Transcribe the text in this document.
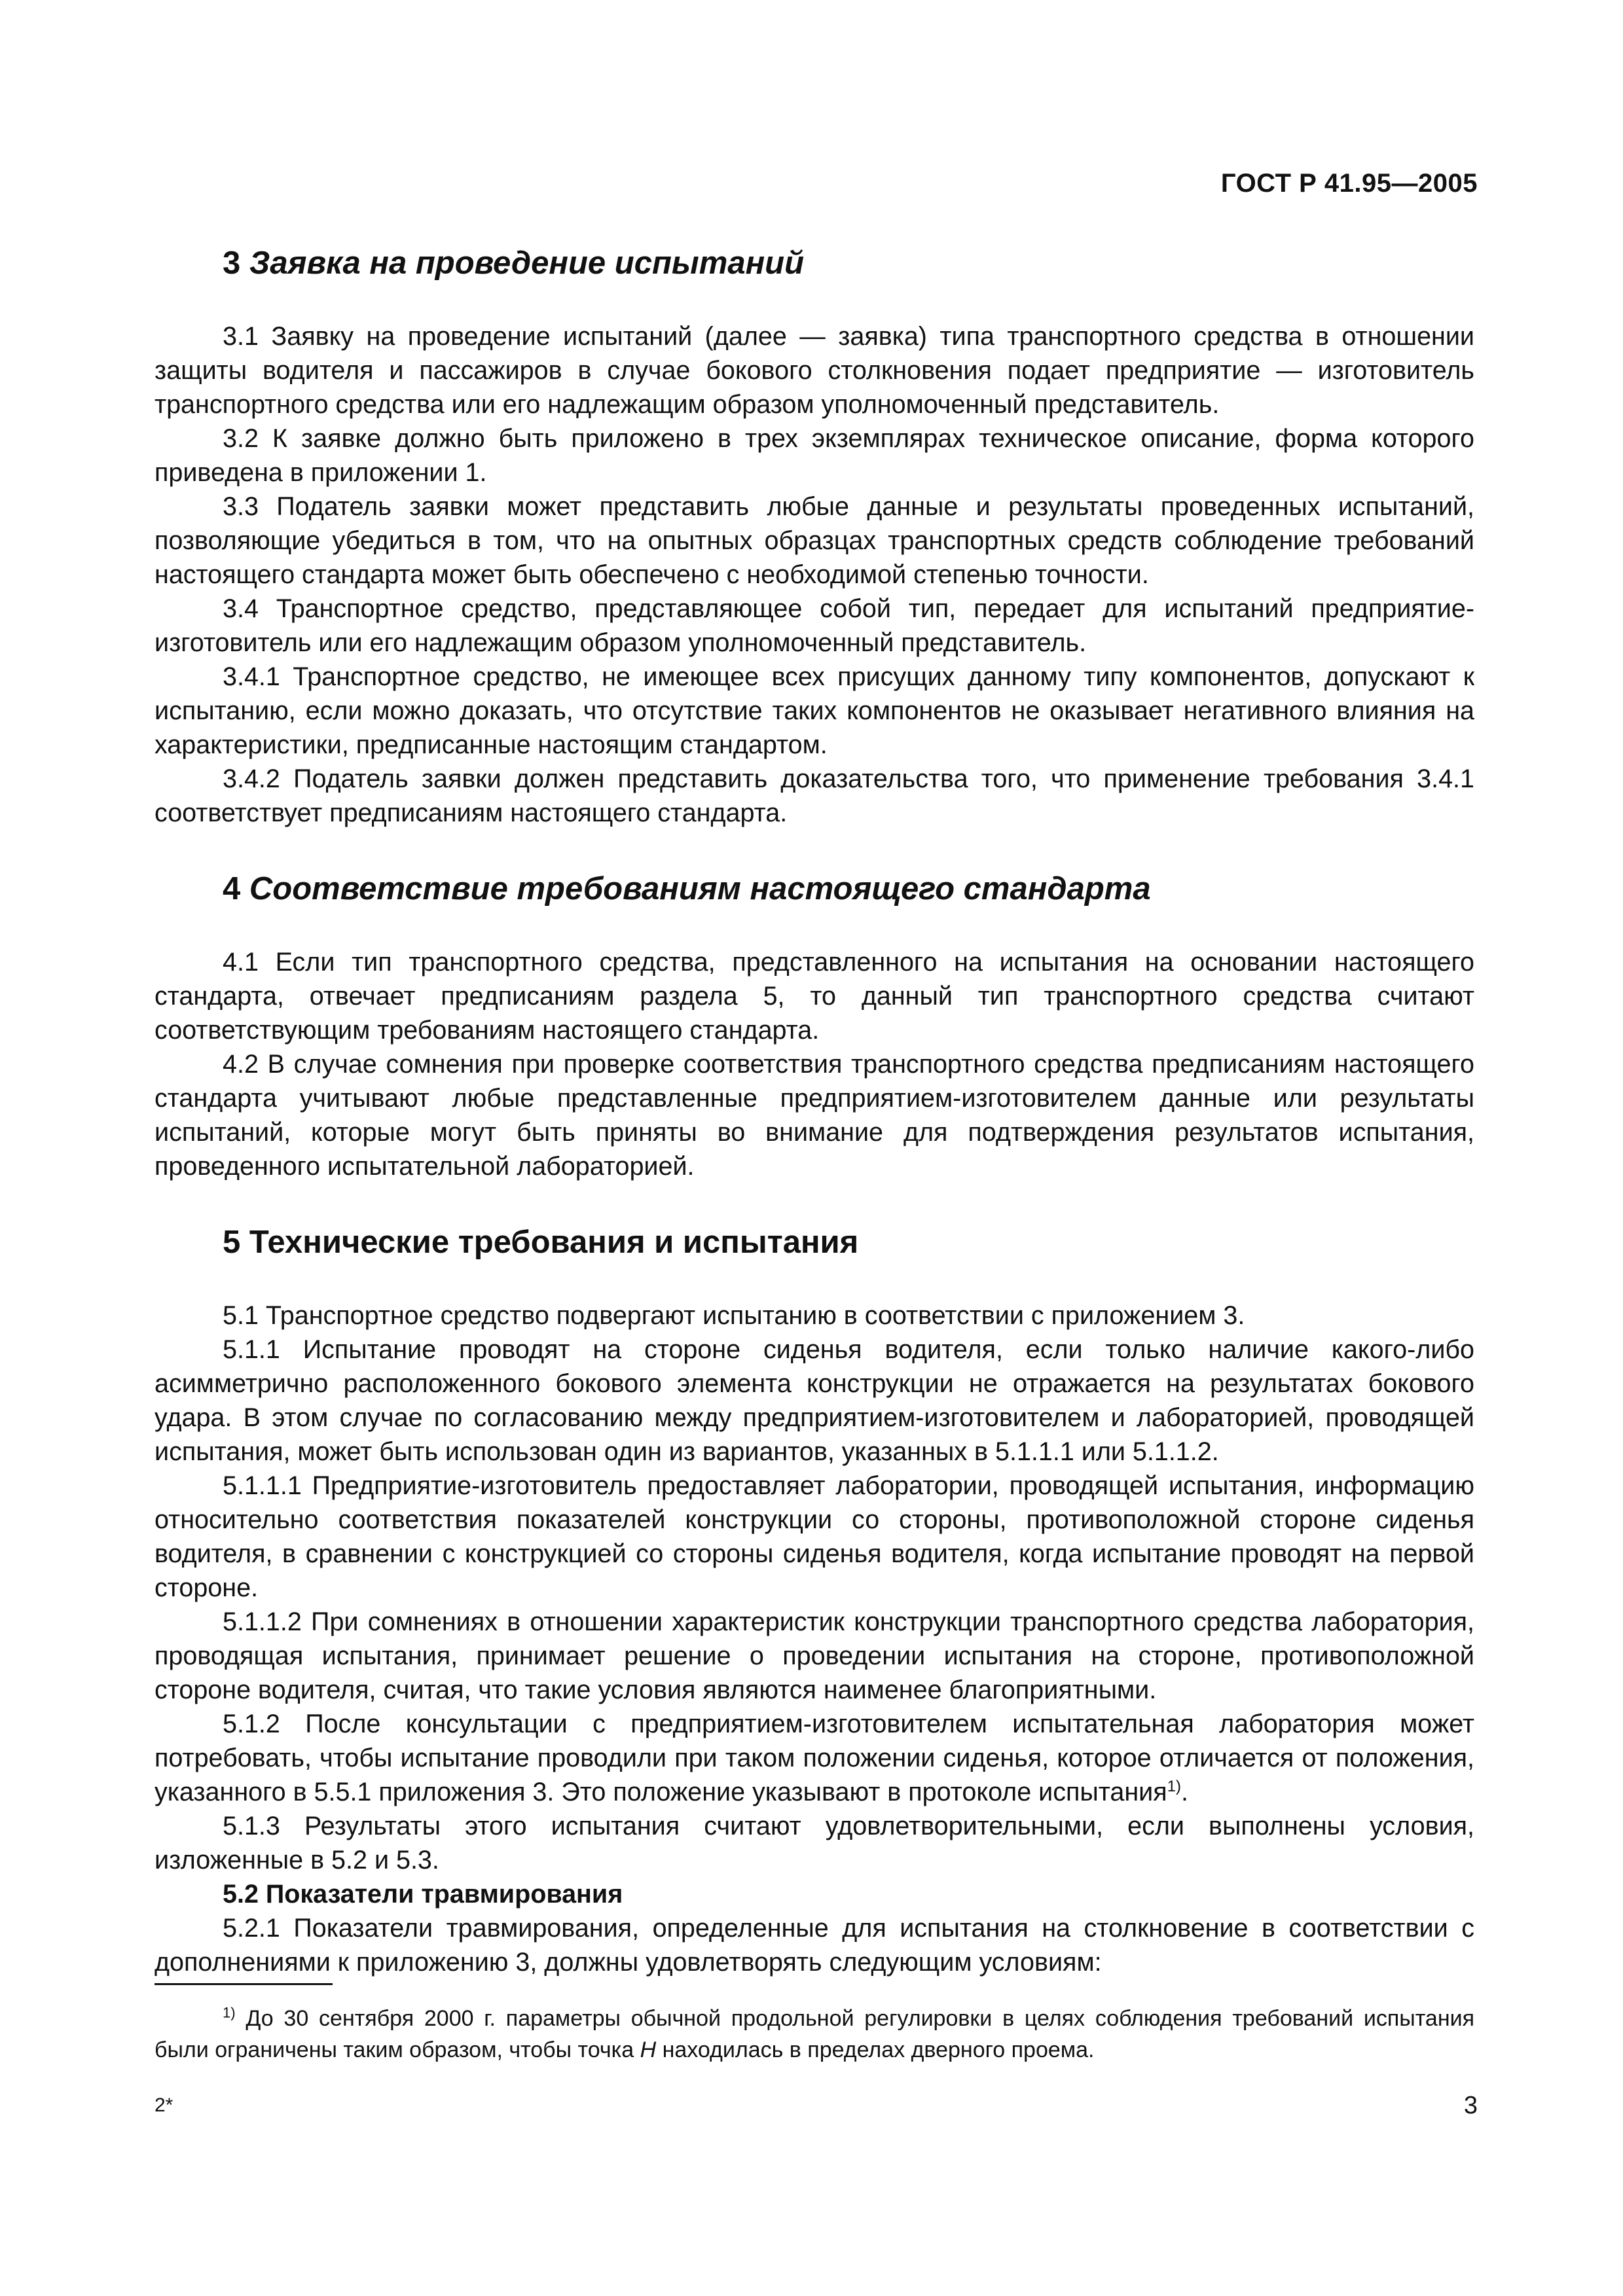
ГОСТ Р 41.95—2005
3 Заявка на проведение испытаний

3.1 Заявку на проведение испытаний (далее — заявка) типа транспортного средства в отношении защиты водителя и пассажиров в случае бокового столкновения подает предприятие — изготовитель транспортного средства или его надлежащим образом уполномоченный представитель.

3.2 К заявке должно быть приложено в трех экземплярах техническое описание, форма которого приведена в приложении 1.

3.3 Податель заявки может представить любые данные и результаты проведенных испытаний, позволяющие убедиться в том, что на опытных образцах транспортных средств соблюдение требований настоящего стандарта может быть обеспечено с необходимой степенью точности.

3.4 Транспортное средство, представляющее собой тип, передает для испытаний предприятие-изготовитель или его надлежащим образом уполномоченный представитель.

3.4.1 Транспортное средство, не имеющее всех присущих данному типу компонентов, допускают к испытанию, если можно доказать, что отсутствие таких компонентов не оказывает негативного влияния на характеристики, предписанные настоящим стандартом.

3.4.2 Податель заявки должен представить доказательства того, что применение требования 3.4.1 соответствует предписаниям настоящего стандарта.

4 Соответствие требованиям настоящего стандарта

4.1 Если тип транспортного средства, представленного на испытания на основании настоящего стандарта, отвечает предписаниям раздела 5, то данный тип транспортного средства считают соответствующим требованиям настоящего стандарта.

4.2 В случае сомнения при проверке соответствия транспортного средства предписаниям настоящего стандарта учитывают любые представленные предприятием-изготовителем данные или результаты испытаний, которые могут быть приняты во внимание для подтверждения результатов испытания, проведенного испытательной лабораторией.

5 Технические требования и испытания

5.1 Транспортное средство подвергают испытанию в соответствии с приложением 3.

5.1.1 Испытание проводят на стороне сиденья водителя, если только наличие какого-либо асимметрично расположенного бокового элемента конструкции не отражается на результатах бокового удара. В этом случае по согласованию между предприятием-изготовителем и лабораторией, проводящей испытания, может быть использован один из вариантов, указанных в 5.1.1.1 или 5.1.1.2.

5.1.1.1 Предприятие-изготовитель предоставляет лаборатории, проводящей испытания, информацию относительно соответствия показателей конструкции со стороны, противоположной стороне сиденья водителя, в сравнении с конструкцией со стороны сиденья водителя, когда испытание проводят на первой стороне.

5.1.1.2 При сомнениях в отношении характеристик конструкции транспортного средства лаборатория, проводящая испытания, принимает решение о проведении испытания на стороне, противоположной стороне водителя, считая, что такие условия являются наименее благоприятными.

5.1.2 После консультации с предприятием-изготовителем испытательная лаборатория может потребовать, чтобы испытание проводили при таком положении сиденья, которое отличается от положения, указанного в 5.5.1 приложения 3. Это положение указывают в протоколе испытания$^{1)}$.

5.1.3 Результаты этого испытания считают удовлетворительными, если выполнены условия, изложенные в 5.2 и 5.3.

5.2 Показатели травмирования

5.2.1 Показатели травмирования, определенные для испытания на столкновение в соответствии с дополнениями к приложению 3, должны удовлетворять следующим условиям:

$^{1)}$ До 30 сентября 2000 г. параметры обычной продольной регулировки в целях соблюдения требований испытания были ограничены таким образом, чтобы точка H находилась в пределах дверного проема.
2*	3
